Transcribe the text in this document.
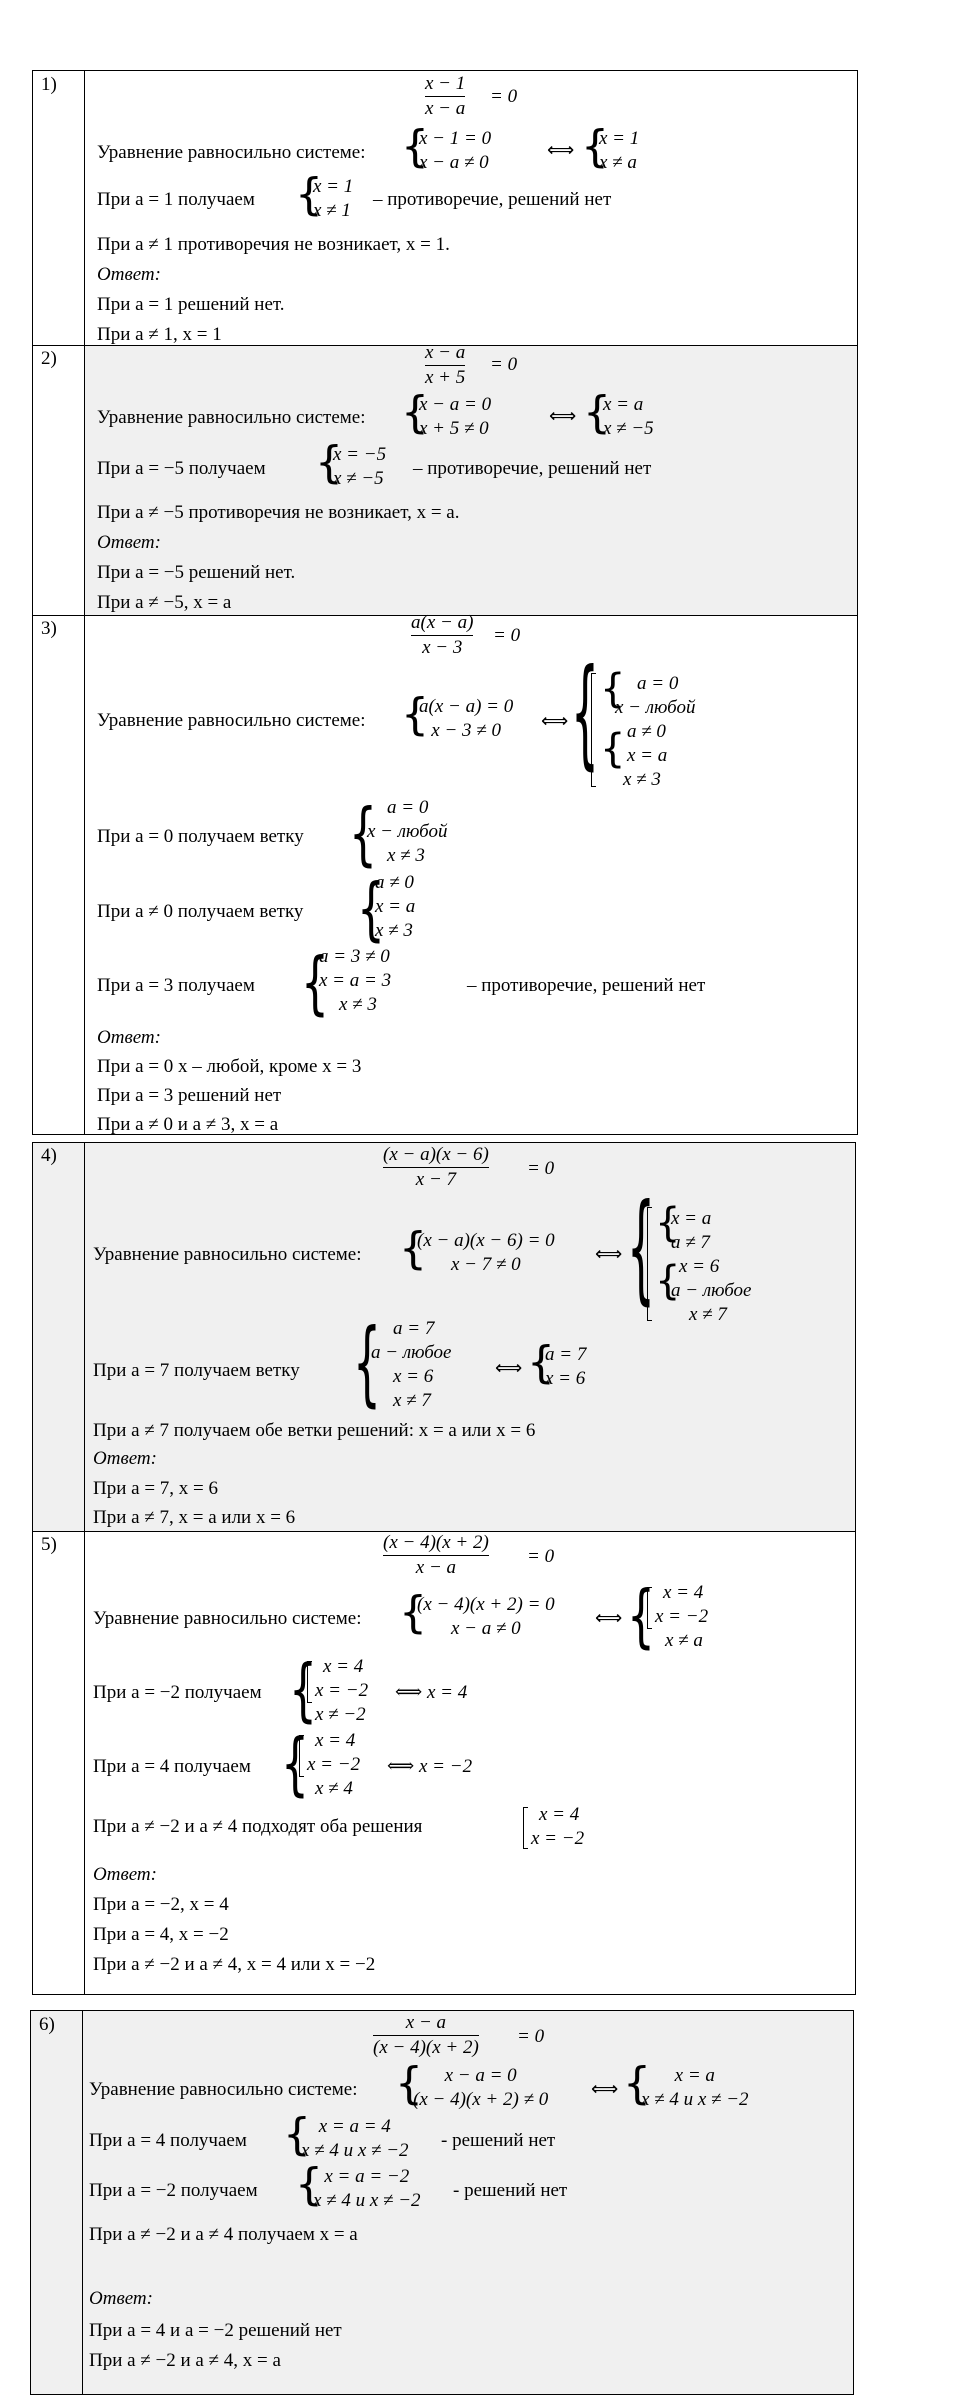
1)	x − 1
x − a
= 0
Уравнение равносильно системе: {
x − 1 = 0
x − a ≠ 0
⟺ {
x = 1
x ≠ a
При a = 1 получаем {
x = 1
x ≠ 1
– противоречие, решений нет
При a ≠ 1 противоречия не возникает, x = 1.
Ответ:
При a = 1 решений нет.
При a ≠ 1, x = 1
2)	x − a
x + 5
= 0
Уравнение равносильно системе: {
x − a = 0
x + 5 ≠ 0
⟺ {
x = a
x ≠ −5
При a = −5 получаем {
x = −5
x ≠ −5 – противоречие, решений нет
При a ≠ −5 противоречия не возникает, x = a.
Ответ:
При a = −5 решений нет.
При a ≠ −5, x = a
3)	a(x − a)
x − 3
= 0
Уравнение равносильно системе: {
a(x − a) = 0
x − 3 ≠ 0	⟺ { {
{
a = 0
x − любой
a ≠ 0
x = a
x ≠ 3
При a = 0 получаем ветку { a = 0
x − любой
x ≠ 3
При a ≠ 0 получаем ветку {
a ≠ 0
x = a
x ≠ 3
При a = 3 получаем {
a = 3 ≠ 0
x = a = 3
x ≠ 3
– противоречие, решений нет
Ответ:
При a = 0 x – любой, кроме x = 3
При a = 3 решений нет
При a ≠ 0 и a ≠ 3, x = a
4)	(x − a)(x − 6)
x − 7
= 0
Уравнение равносильно системе: {
(x − a)(x − 6) = 0
x − 7 ≠ 0	⟺ { {
{
x = a
a ≠ 7
x = 6
a − любое
x ≠ 7
При a = 7 получаем ветку { a = 7
a − любое
x = 6
x ≠ 7
⟺ {
a = 7
x = 6
При a ≠ 7 получаем обе ветки решений: x = a или x = 6
Ответ:
При a = 7, x = 6
При a ≠ 7, x = a или x = 6
5)	(x − 4)(x + 2)
x − a
= 0
Уравнение равносильно системе: {
(x − 4)(x + 2) = 0
x − a ≠ 0	⟺ { x = 4
x = −2
x ≠ a
При a = −2 получаем { x = 4
x = −2
x ≠ −2
⟺ x = 4
При a = 4 получаем { x = 4
x = −2
x ≠ 4
⟺ x = −2
При a ≠ −2 и a ≠ 4 подходят оба решения
x = 4
x = −2
Ответ:
При a = −2, x = 4
При a = 4, x = −2
При a ≠ −2 и a ≠ 4, x = 4 или x = −2
6)	x − a
(x − 4)(x + 2)
= 0
Уравнение равносильно системе: {	x − a = 0
(x − 4)(x + 2) ≠ 0 ⟺ {	x = a
x ≠ 4 и x ≠ −2
При a = 4 получаем { x = a = 4
x ≠ 4 и x ≠ −2 - решений нет
При a = −2 получаем { x = a = −2
x ≠ 4 и x ≠ −2 - решений нет
При a ≠ −2 и a ≠ 4 получаем x = a
Ответ:
При a = 4 и a = −2 решений нет
При a ≠ −2 и a ≠ 4, x = a
